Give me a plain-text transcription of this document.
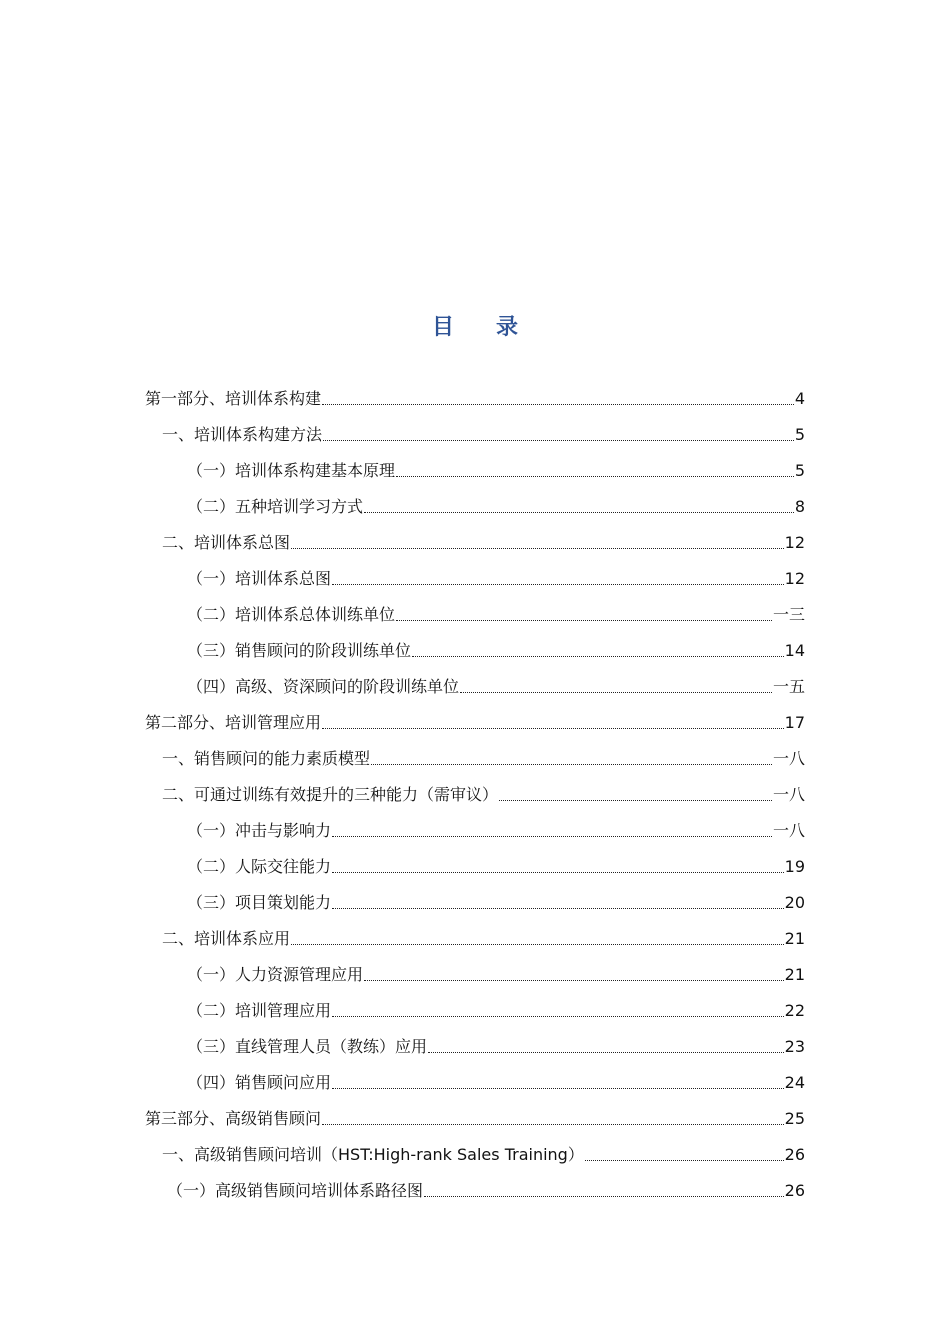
目 录
第一部分、培训体系构建	4
一、培训体系构建方法	5
（一）培训体系构建基本原理	5
（二）五种培训学习方式	8
二、培训体系总图	12
（一）培训体系总图	12
（二）培训体系总体训练单位	一三
（三）销售顾问的阶段训练单位	14
（四）高级、资深顾问的阶段训练单位	一五
第二部分、培训管理应用	17
一、销售顾问的能力素质模型	一八
二、可通过训练有效提升的三种能力（需审议）	一八
（一）冲击与影响力	一八
（二）人际交往能力	19
（三）项目策划能力	20
二、培训体系应用	21
（一）人力资源管理应用	21
（二）培训管理应用	22
（三）直线管理人员（教练）应用	23
（四）销售顾问应用	24
第三部分、高级销售顾问	25
一、高级销售顾问培训（HST:High-rank Sales Training）	26
（一）高级销售顾问培训体系路径图	26
